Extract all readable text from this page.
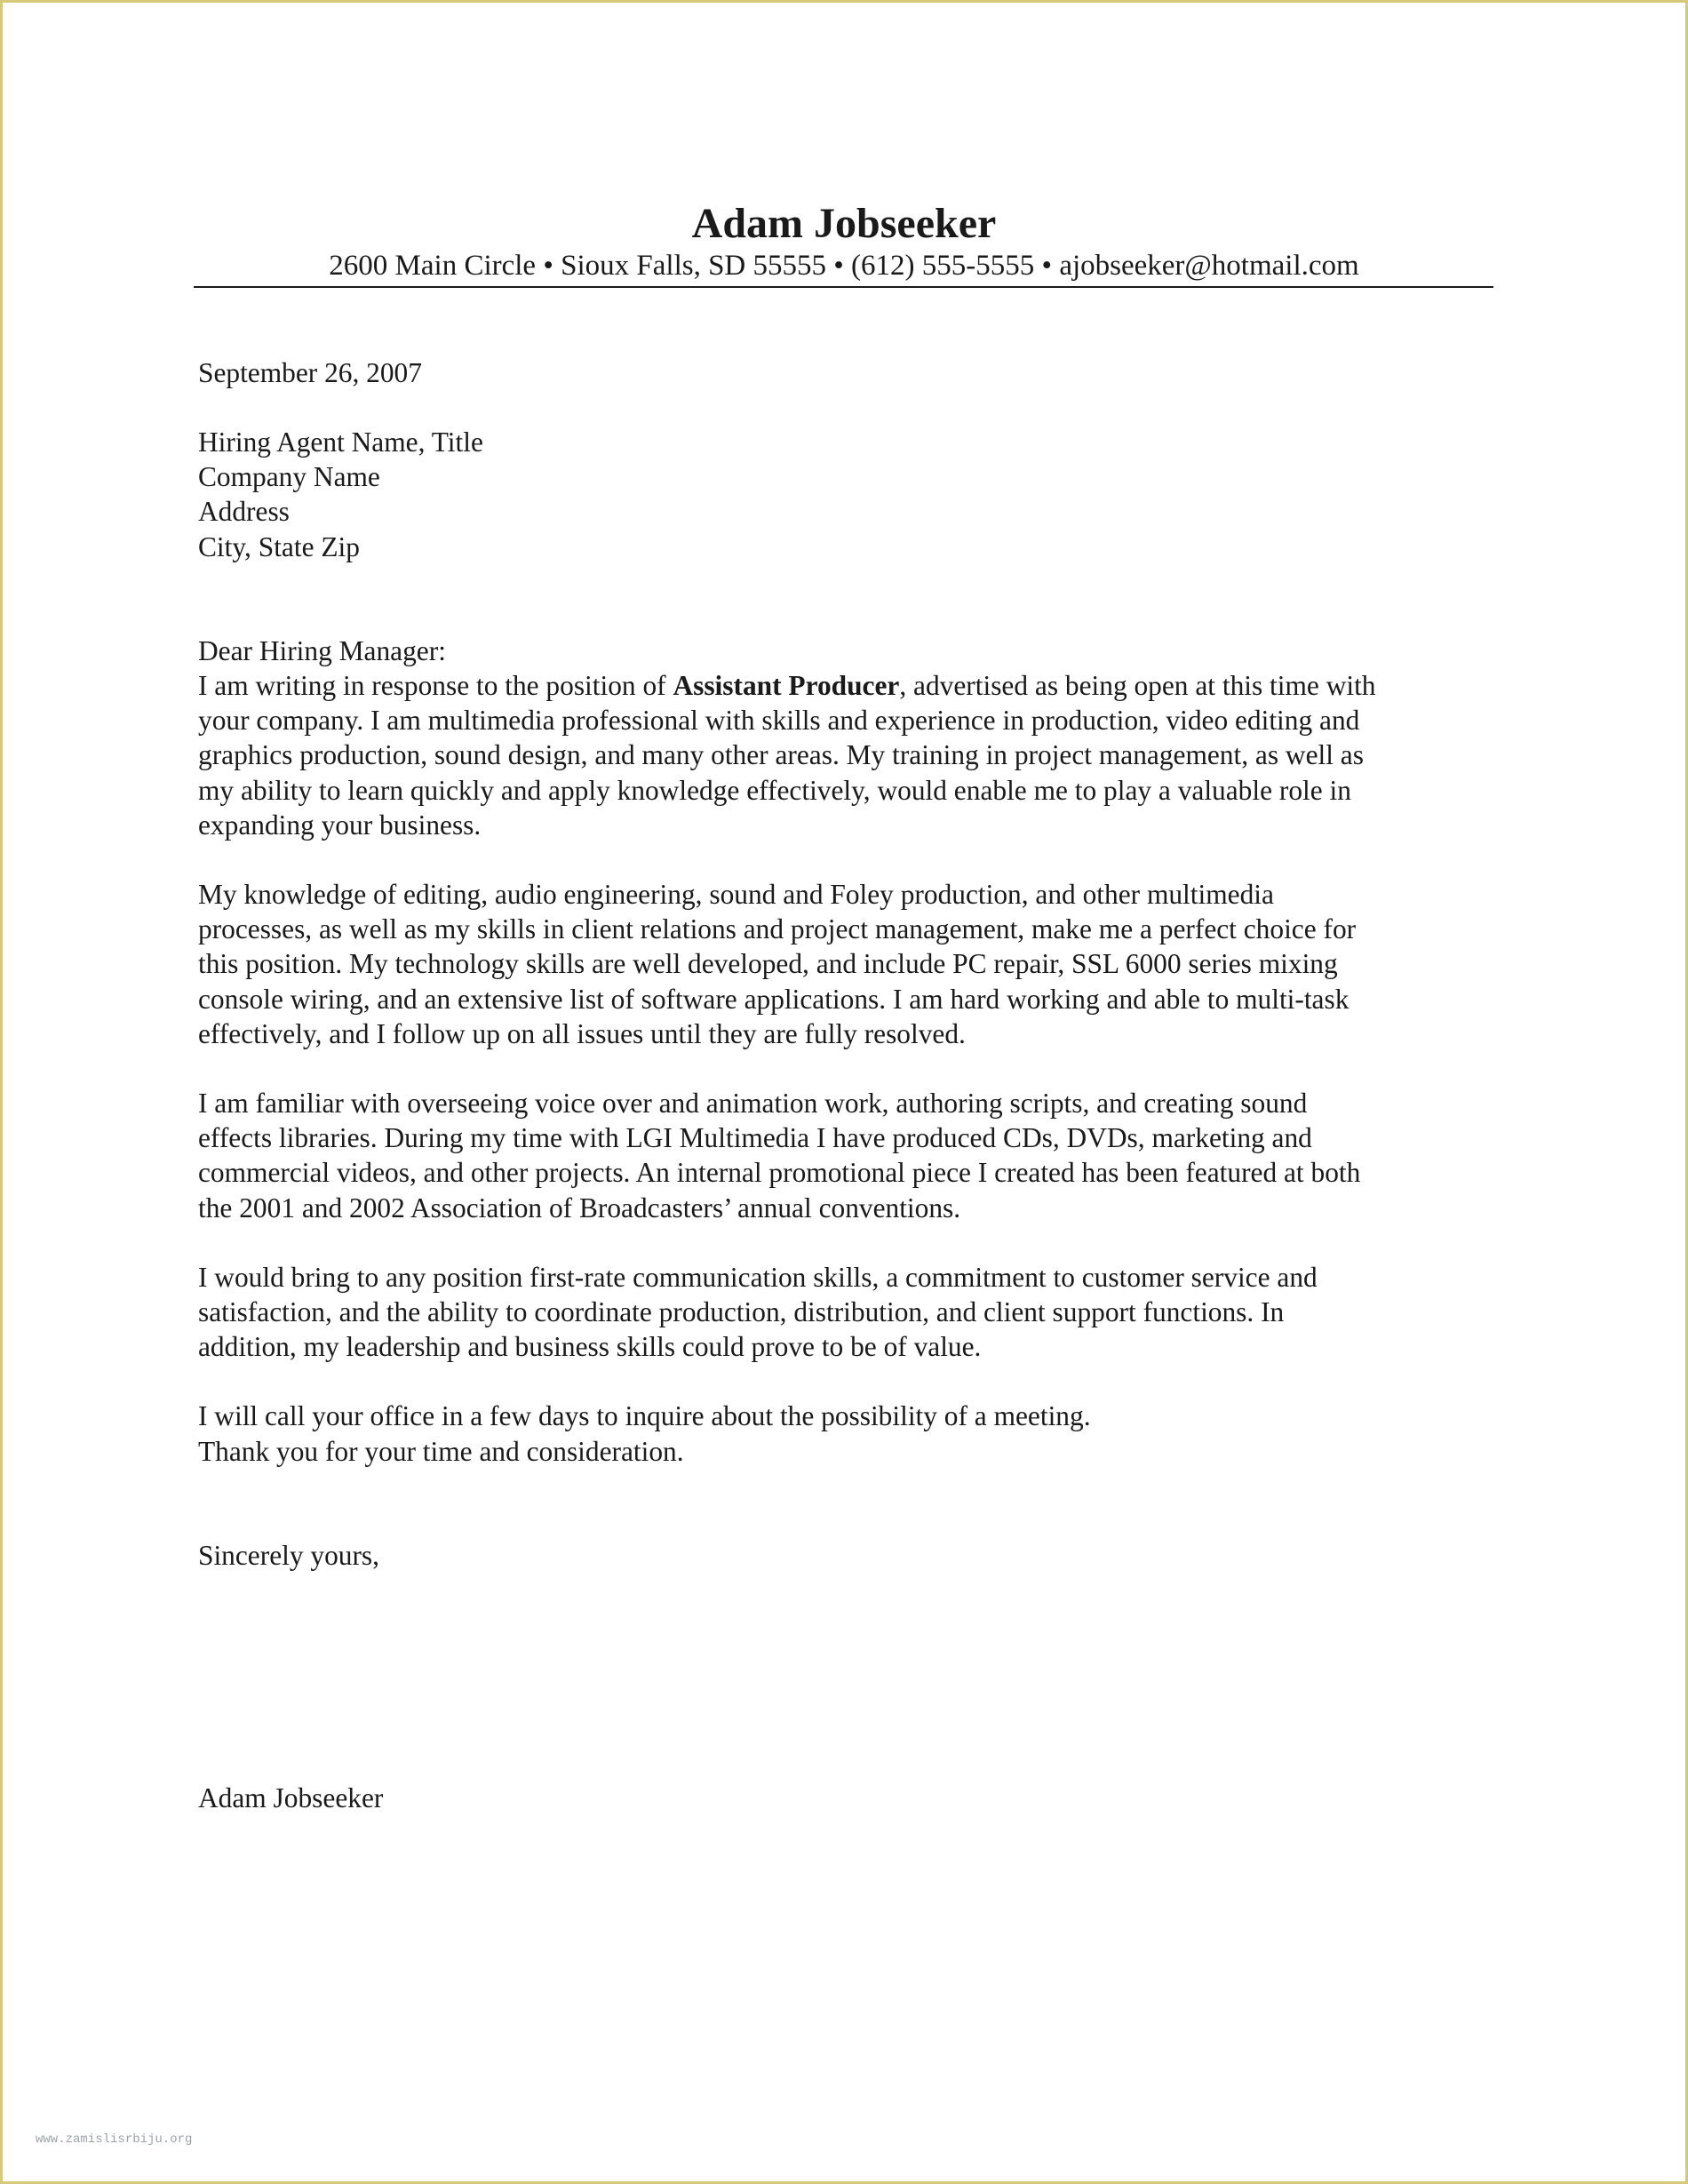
Adam Jobseeker
2600 Main Circle • Sioux Falls, SD 55555 • (612) 555-5555 • ajobseeker@hotmail.com

September 26, 2007

Hiring Agent Name, Title

Company Name

Address

City, State Zip

Dear Hiring Manager:

I am writing in response to the position of Assistant Producer, advertised as being open at this time with
your company. I am multimedia professional with skills and experience in production, video editing and
graphics production, sound design, and many other areas. My training in project management, as well as
my ability to learn quickly and apply knowledge effectively, would enable me to play a valuable role in
expanding your business.
My knowledge of editing, audio engineering, sound and Foley production, and other multimedia
processes, as well as my skills in client relations and project management, make me a perfect choice for
this position. My technology skills are well developed, and include PC repair, SSL 6000 series mixing
console wiring, and an extensive list of software applications. I am hard working and able to multi-task
effectively, and I follow up on all issues until they are fully resolved.
I am familiar with overseeing voice over and animation work, authoring scripts, and creating sound
effects libraries. During my time with LGI Multimedia I have produced CDs, DVDs, marketing and
commercial videos, and other projects. An internal promotional piece I created has been featured at both
the 2001 and 2002 Association of Broadcasters’ annual conventions.
I would bring to any position first-rate communication skills, a commitment to customer service and
satisfaction, and the ability to coordinate production, distribution, and client support functions. In
addition, my leadership and business skills could prove to be of value.

I will call your office in a few days to inquire about the possibility of a meeting.

Thank you for your time and consideration.

Sincerely yours,

Adam Jobseeker

www.zamislisrbiju.org
